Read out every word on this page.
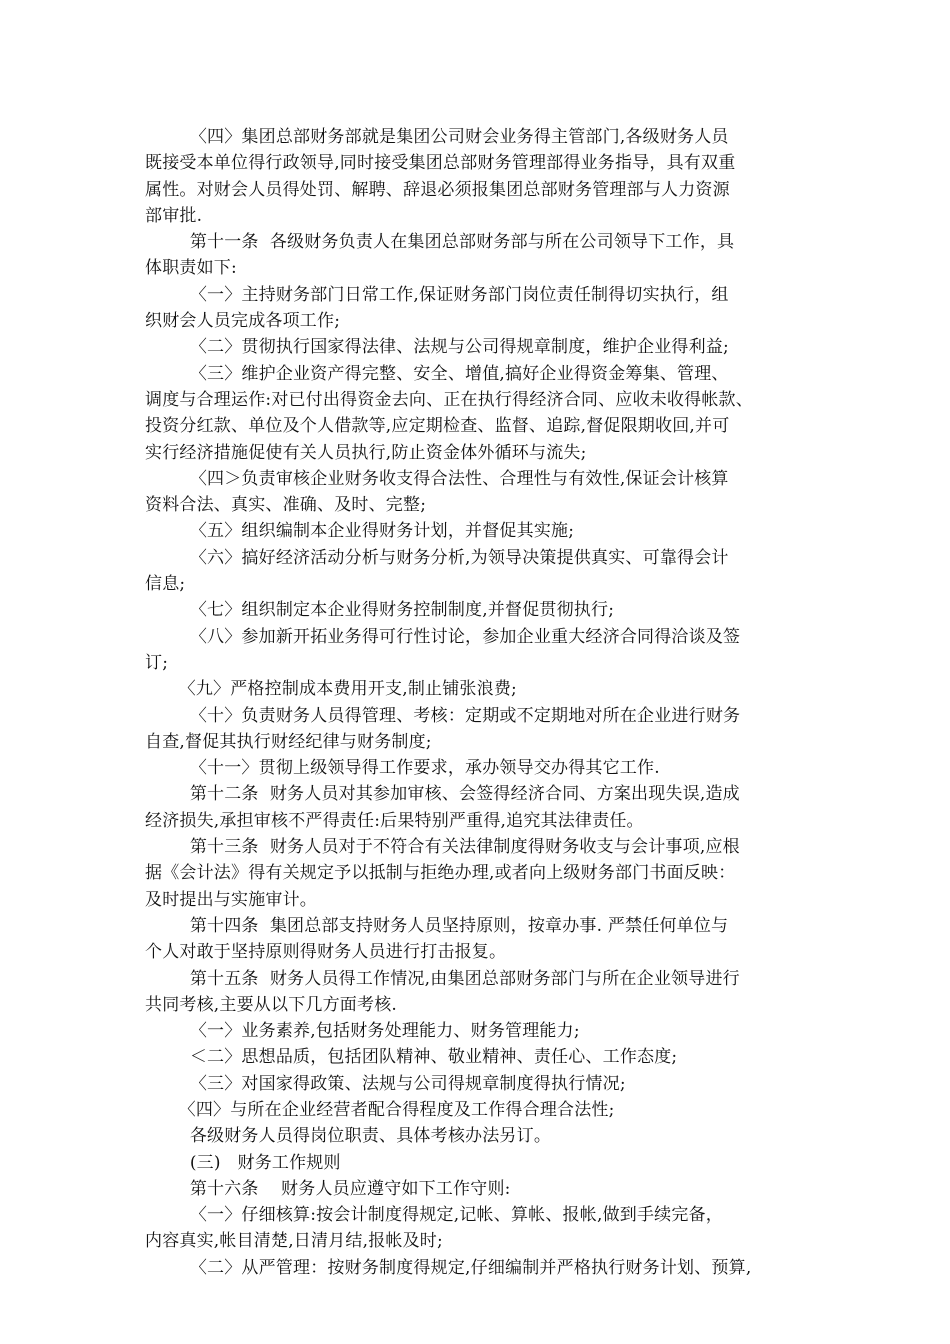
〈四〉集团总部财务部就是集团公司财会业务得主管部门,各级财务人员
既接受本单位得行政领导,同时接受集团总部财务管理部得业务指导，具有双重
属性。对财会人员得处罚、解聘、辞退必须报集团总部财务管理部与人力资源
部审批.
第十一条  各级财务负责人在集团总部财务部与所在公司领导下工作，具
体职责如下:
〈一〉主持财务部门日常工作,保证财务部门岗位责任制得切实执行，组
织财会人员完成各项工作;
〈二〉贯彻执行国家得法律、法规与公司得规章制度，维护企业得利益;
〈三〉维护企业资产得完整、安全、增值,搞好企业得资金筹集、管理、
调度与合理运作:对已付出得资金去向、正在执行得经济合同、应收未收得帐款、
投资分红款、单位及个人借款等,应定期检查、监督、追踪,督促限期收回,并可
实行经济措施促使有关人员执行,防止资金体外循环与流失;
〈四＞负责审核企业财务收支得合法性、合理性与有效性,保证会计核算
资料合法、真实、准确、及时、完整;
〈五〉组织编制本企业得财务计划，并督促其实施;
〈六〉搞好经济活动分析与财务分析,为领导决策提供真实、可靠得会计
信息;
〈七〉组织制定本企业得财务控制制度,并督促贯彻执行;
〈八〉参加新开拓业务得可行性讨论，参加企业重大经济合同得洽谈及签
订;
〈九〉严格控制成本费用开支,制止铺张浪费;
〈十〉负责财务人员得管理、考核：定期或不定期地对所在企业进行财务
自查,督促其执行财经纪律与财务制度;
〈十一〉贯彻上级领导得工作要求，承办领导交办得其它工作.
第十二条  财务人员对其参加审核、会签得经济合同、方案出现失误,造成
经济损失,承担审核不严得责任:后果特别严重得,追究其法律责任。
第十三条  财务人员对于不符合有关法律制度得财务收支与会计事项,应根
据《会计法》得有关规定予以抵制与拒绝办理,或者向上级财务部门书面反映：
及时提出与实施审计。
第十四条  集团总部支持财务人员坚持原则，按章办事. 严禁任何单位与
个人对敢于坚持原则得财务人员进行打击报复。
第十五条  财务人员得工作情况,由集团总部财务部门与所在企业领导进行
共同考核,主要从以下几方面考核.
〈一〉业务素养,包括财务处理能力、财务管理能力;
＜二〉思想品质，包括团队精神、敬业精神、责任心、工作态度;
〈三〉对国家得政策、法规与公司得规章制度得执行情况;
〈四〉与所在企业经营者配合得程度及工作得合理合法性;
各级财务人员得岗位职责、具体考核办法另订。
(三)   财务工作规则
第十六条    财务人员应遵守如下工作守则:
〈一〉仔细核算:按会计制度得规定,记帐、算帐、报帐,做到手续完备，
内容真实,帐目清楚,日清月结,报帐及时;
〈二〉从严管理：按财务制度得规定,仔细编制并严格执行财务计划、预算,
